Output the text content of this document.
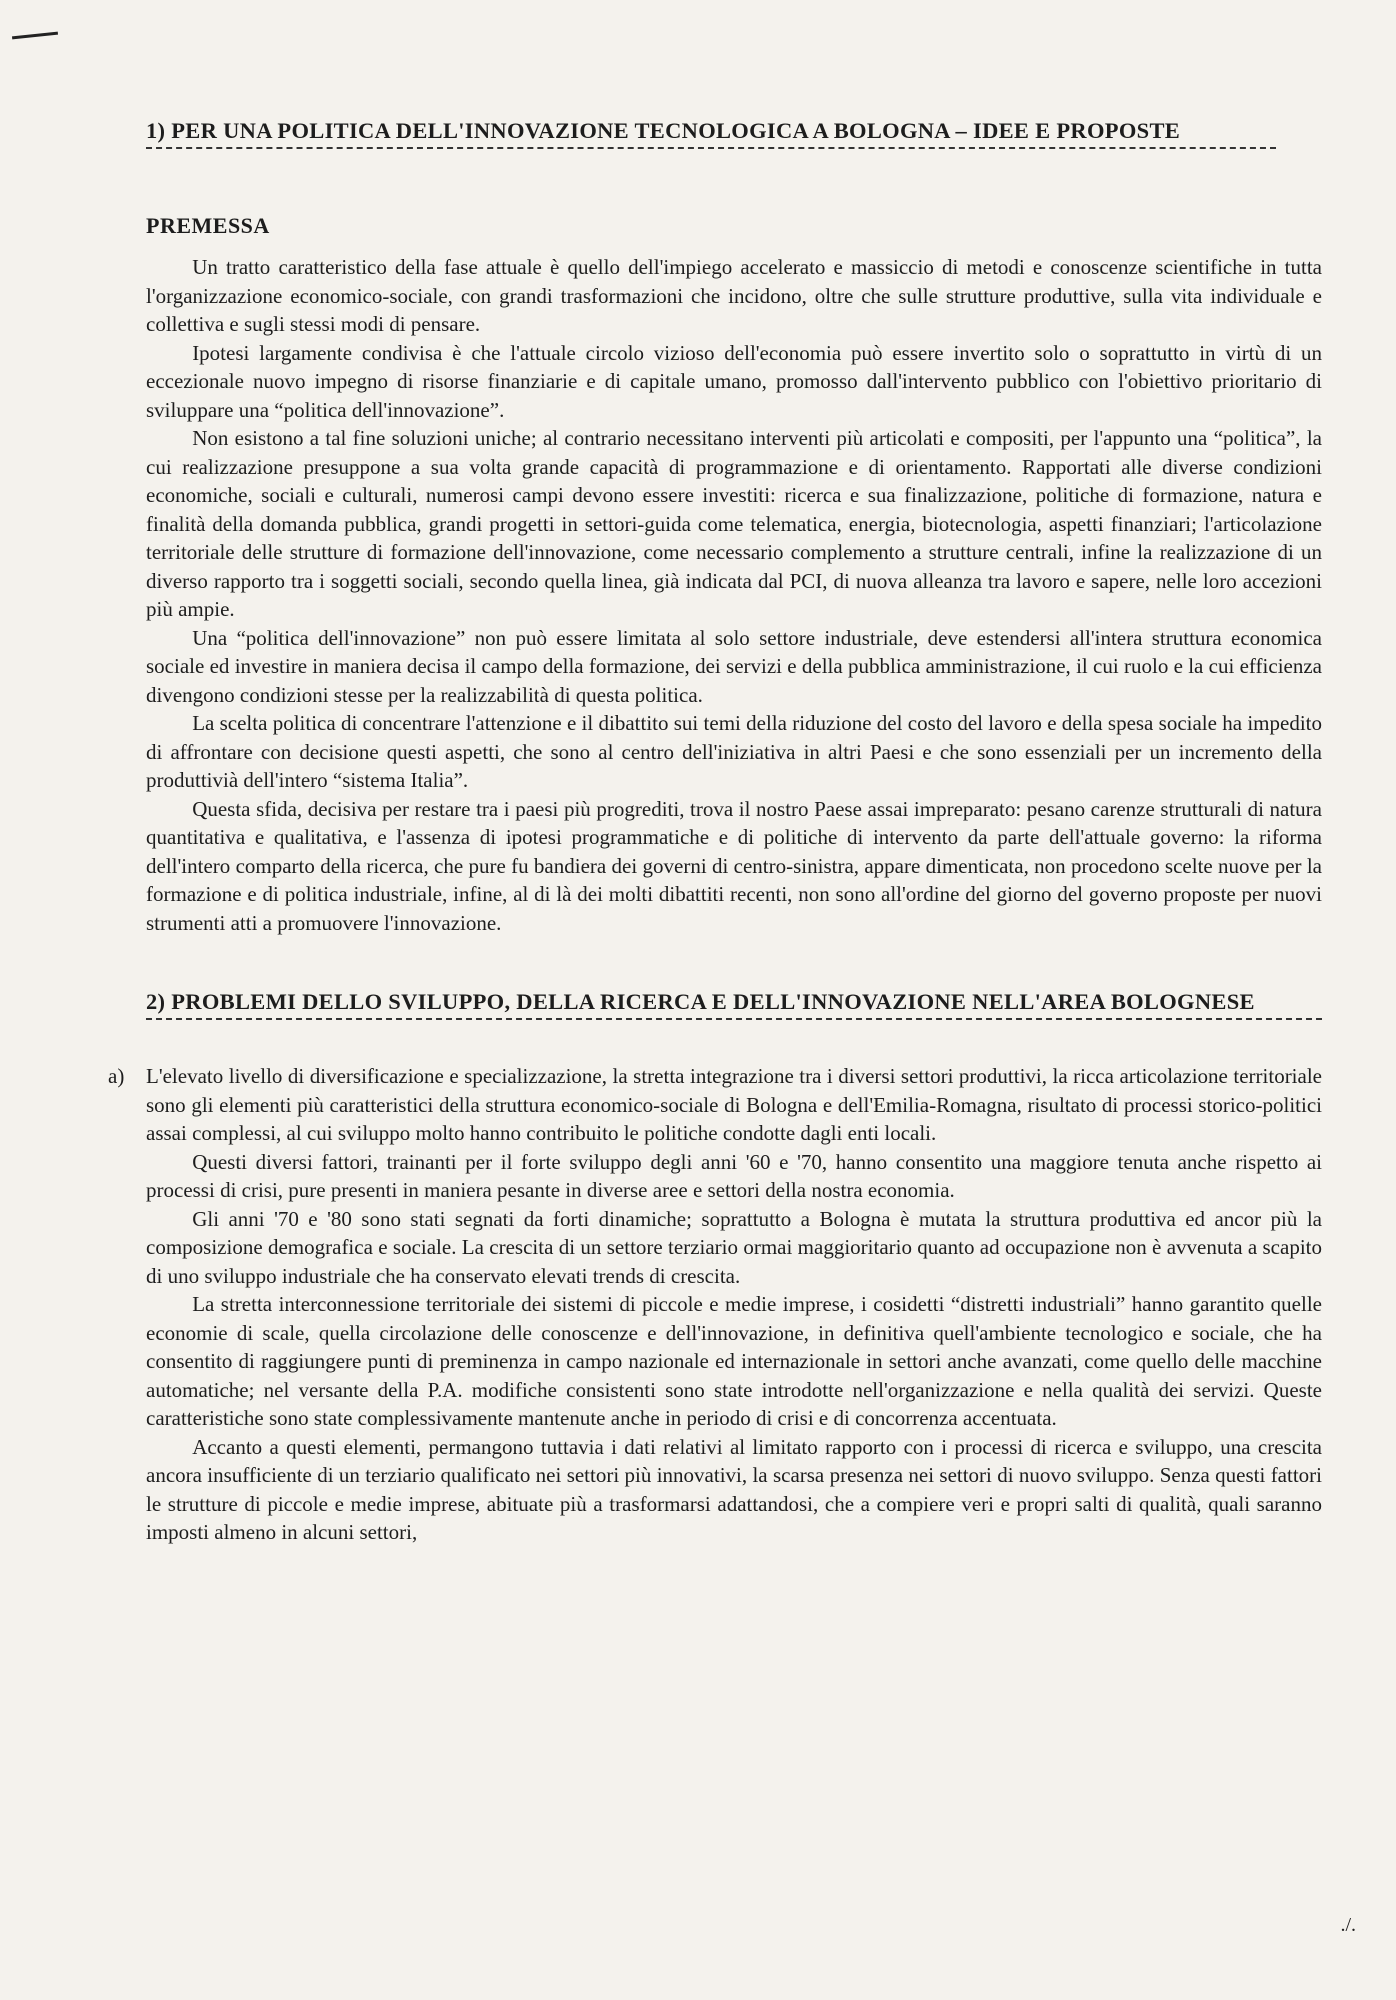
1) PER UNA POLITICA DELL'INNOVAZIONE TECNOLOGICA A BOLOGNA – IDEE E PROPOSTE
PREMESSA

Un tratto caratteristico della fase attuale è quello dell'impiego accelerato e massiccio di metodi e conoscenze scientifiche in tutta l'organizzazione economico-sociale, con grandi trasformazioni che incidono, oltre che sulle strutture produttive, sulla vita individuale e collettiva e sugli stessi modi di pensare.

Ipotesi largamente condivisa è che l'attuale circolo vizioso dell'economia può essere invertito solo o soprattutto in virtù di un eccezionale nuovo impegno di risorse finanziarie e di capitale umano, promosso dall'intervento pubblico con l'obiettivo prioritario di sviluppare una “politica dell'innovazione”.

Non esistono a tal fine soluzioni uniche; al contrario necessitano interventi più articolati e compositi, per l'appunto una “politica”, la cui realizzazione presuppone a sua volta grande capacità di programmazione e di orientamento. Rapportati alle diverse condizioni economiche, sociali e culturali, numerosi campi devono essere investiti: ricerca e sua finalizzazione, politiche di formazione, natura e finalità della domanda pubblica, grandi progetti in settori-guida come telematica, energia, biotecnologia, aspetti finanziari; l'articolazione territoriale delle strutture di formazione dell'innovazione, come necessario complemento a strutture centrali, infine la realizzazione di un diverso rapporto tra i soggetti sociali, secondo quella linea, già indicata dal PCI, di nuova alleanza tra lavoro e sapere, nelle loro accezioni più ampie.

Una “politica dell'innovazione” non può essere limitata al solo settore industriale, deve estendersi all'intera struttura economica sociale ed investire in maniera decisa il campo della formazione, dei servizi e della pubblica amministrazione, il cui ruolo e la cui efficienza divengono condizioni stesse per la realizzabilità di questa politica.

La scelta politica di concentrare l'attenzione e il dibattito sui temi della riduzione del costo del lavoro e della spesa sociale ha impedito di affrontare con decisione questi aspetti, che sono al centro dell'iniziativa in altri Paesi e che sono essenziali per un incremento della produttivià dell'intero “sistema Italia”.

Questa sfida, decisiva per restare tra i paesi più progrediti, trova il nostro Paese assai impreparato: pesano carenze strutturali di natura quantitativa e qualitativa, e l'assenza di ipotesi programmatiche e di politiche di intervento da parte dell'attuale governo: la riforma dell'intero comparto della ricerca, che pure fu bandiera dei governi di centro-sinistra, appare dimenticata, non procedono scelte nuove per la formazione e di politica industriale, infine, al di là dei molti dibattiti recenti, non sono all'ordine del giorno del governo proposte per nuovi strumenti atti a promuovere l'innovazione.

2) PROBLEMI DELLO SVILUPPO, DELLA RICERCA E DELL'INNOVAZIONE NELL'AREA BOLOGNESE
a) L'elevato livello di diversificazione e specializzazione, la stretta integrazione tra i diversi settori produttivi, la ricca articolazione territoriale sono gli elementi più caratteristici della struttura economico-sociale di Bologna e dell'Emilia-Romagna, risultato di processi storico-politici assai complessi, al cui sviluppo molto hanno contribuito le politiche condotte dagli enti locali.

Questi diversi fattori, trainanti per il forte sviluppo degli anni '60 e '70, hanno consentito una maggiore tenuta anche rispetto ai processi di crisi, pure presenti in maniera pesante in diverse aree e settori della nostra economia.

Gli anni '70 e '80 sono stati segnati da forti dinamiche; soprattutto a Bologna è mutata la struttura produttiva ed ancor più la composizione demografica e sociale. La crescita di un settore terziario ormai maggioritario quanto ad occupazione non è avvenuta a scapito di uno sviluppo industriale che ha conservato elevati trends di crescita.

La stretta interconnessione territoriale dei sistemi di piccole e medie imprese, i cosidetti “distretti industriali” hanno garantito quelle economie di scale, quella circolazione delle conoscenze e dell'innovazione, in definitiva quell'ambiente tecnologico e sociale, che ha consentito di raggiungere punti di preminenza in campo nazionale ed internazionale in settori anche avanzati, come quello delle macchine automatiche; nel versante della P.A. modifiche consistenti sono state introdotte nell'organizzazione e nella qualità dei servizi. Queste caratteristiche sono state complessivamente mantenute anche in periodo di crisi e di concorrenza accentuata.

Accanto a questi elementi, permangono tuttavia i dati relativi al limitato rapporto con i processi di ricerca e sviluppo, una crescita ancora insufficiente di un terziario qualificato nei settori più innovativi, la scarsa presenza nei settori di nuovo sviluppo. Senza questi fattori le strutture di piccole e medie imprese, abituate più a trasformarsi adattandosi, che a compiere veri e propri salti di qualità, quali saranno imposti almeno in alcuni settori,

./.
